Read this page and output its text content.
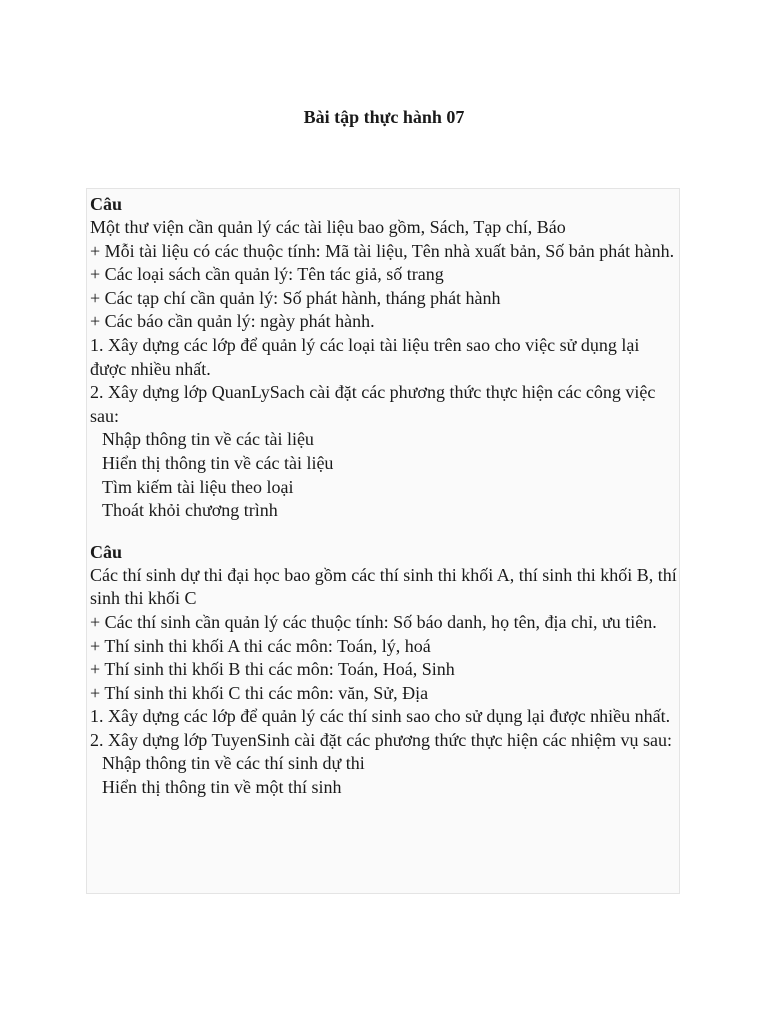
Bài tập thực hành 07

Câu

Một thư viện cần quản lý các tài liệu bao gồm, Sách, Tạp chí, Báo

+ Mỗi tài liệu có các thuộc tính: Mã tài liệu, Tên nhà xuất bản, Số bản phát hành.

+ Các loại sách cần quản lý: Tên tác giả, số trang

+ Các tạp chí cần quản lý: Số phát hành, tháng phát hành

+ Các báo cần quản lý: ngày phát hành.

1. Xây dựng các lớp để quản lý các loại tài liệu trên sao cho việc sử dụng lại được nhiều nhất.

2. Xây dựng lớp QuanLySach cài đặt các phương thức thực hiện các công việc sau:

Nhập thông tin về các tài liệu

Hiển thị thông tin về các tài liệu

Tìm kiếm tài liệu theo loại

Thoát khỏi chương trình

Câu

Các thí sinh dự thi đại học bao gồm các thí sinh thi khối A, thí sinh thi khối B, thí sinh thi khối C

+ Các thí sinh cần quản lý các thuộc tính: Số báo danh, họ tên, địa chỉ, ưu tiên.

+ Thí sinh thi khối A thi các môn: Toán, lý, hoá

+ Thí sinh thi khối B thi các môn: Toán, Hoá, Sinh

+ Thí sinh thi khối C thi các môn: văn, Sử, Địa

1. Xây dựng các lớp để quản lý các thí sinh sao cho sử dụng lại được nhiều nhất.

2. Xây dựng lớp TuyenSinh cài đặt các phương thức thực hiện các nhiệm vụ sau:

Nhập thông tin về các thí sinh dự thi

Hiển thị thông tin về một thí sinh
